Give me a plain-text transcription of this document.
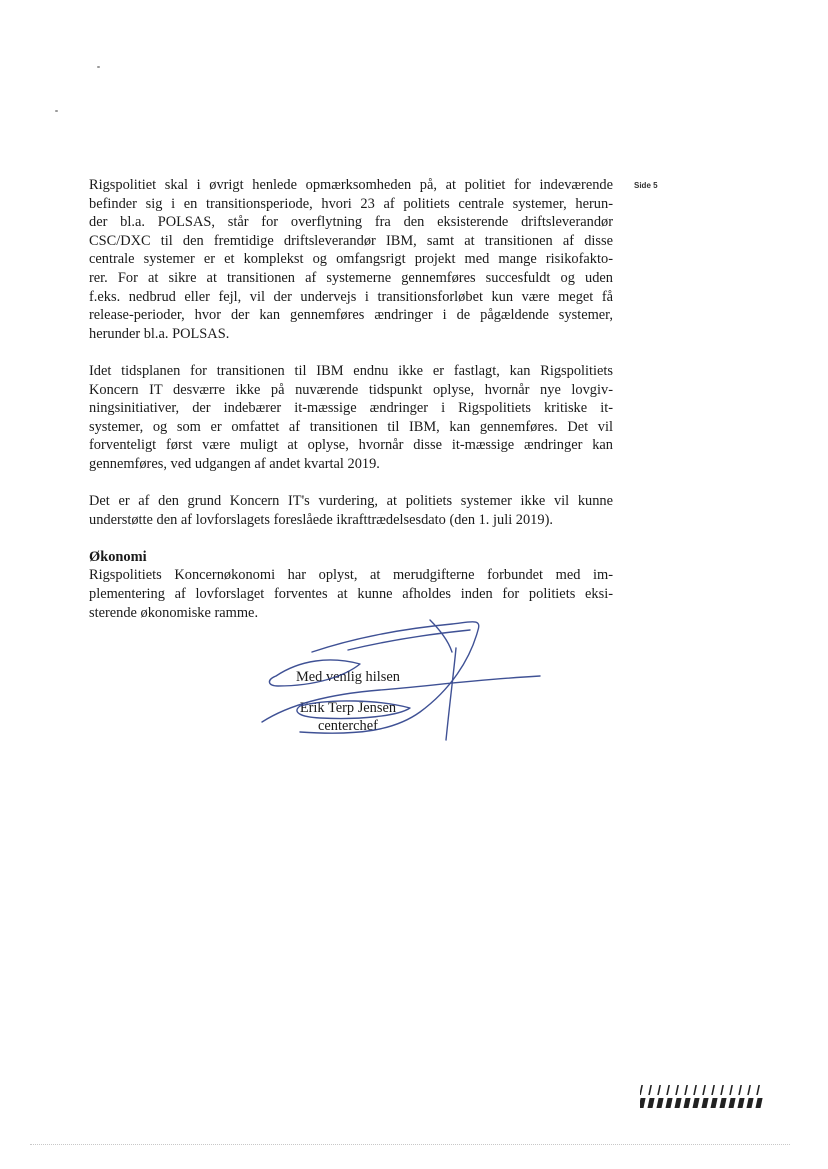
Side 5

Rigspolitiet skal i øvrigt henlede opmærksomheden på, at politiet for indeværende
befinder sig i en transitionsperiode, hvori 23 af politiets centrale systemer, herun-
der bl.a. POLSAS, står for overflytning fra den eksisterende driftsleverandør
CSC/DXC til den fremtidige driftsleverandør IBM, samt at transitionen af disse
centrale systemer er et komplekst og omfangsrigt projekt med mange risikofakto-
rer. For at sikre at transitionen af systemerne gennemføres succesfuldt og uden
f.eks. nedbrud eller fejl, vil der undervejs i transitionsforløbet kun være meget få
release-perioder, hvor der kan gennemføres ændringer i de pågældende systemer,
herunder bl.a. POLSAS.

Idet tidsplanen for transitionen til IBM endnu ikke er fastlagt, kan Rigspolitiets
Koncern IT desværre ikke på nuværende tidspunkt oplyse, hvornår nye lovgiv-
ningsinitiativer, der indebærer it-mæssige ændringer i Rigspolitiets kritiske it-
systemer, og som er omfattet af transitionen til IBM, kan gennemføres. Det vil
forventeligt først være muligt at oplyse, hvornår disse it-mæssige ændringer kan
gennemføres, ved udgangen af andet kvartal 2019.

Det er af den grund Koncern IT's vurdering, at politiets systemer ikke vil kunne
understøtte den af lovforslagets foreslåede ikrafttrædelsesdato (den 1. juli 2019).

Økonomi
Rigspolitiets Koncernøkonomi har oplyst, at merudgifterne forbundet med im-
plementering af lovforslaget forventes at kunne afholdes inden for politiets eksi-
sterende økonomiske ramme.
Med venlig hilsen
Erik Terp Jensen
centerchef
